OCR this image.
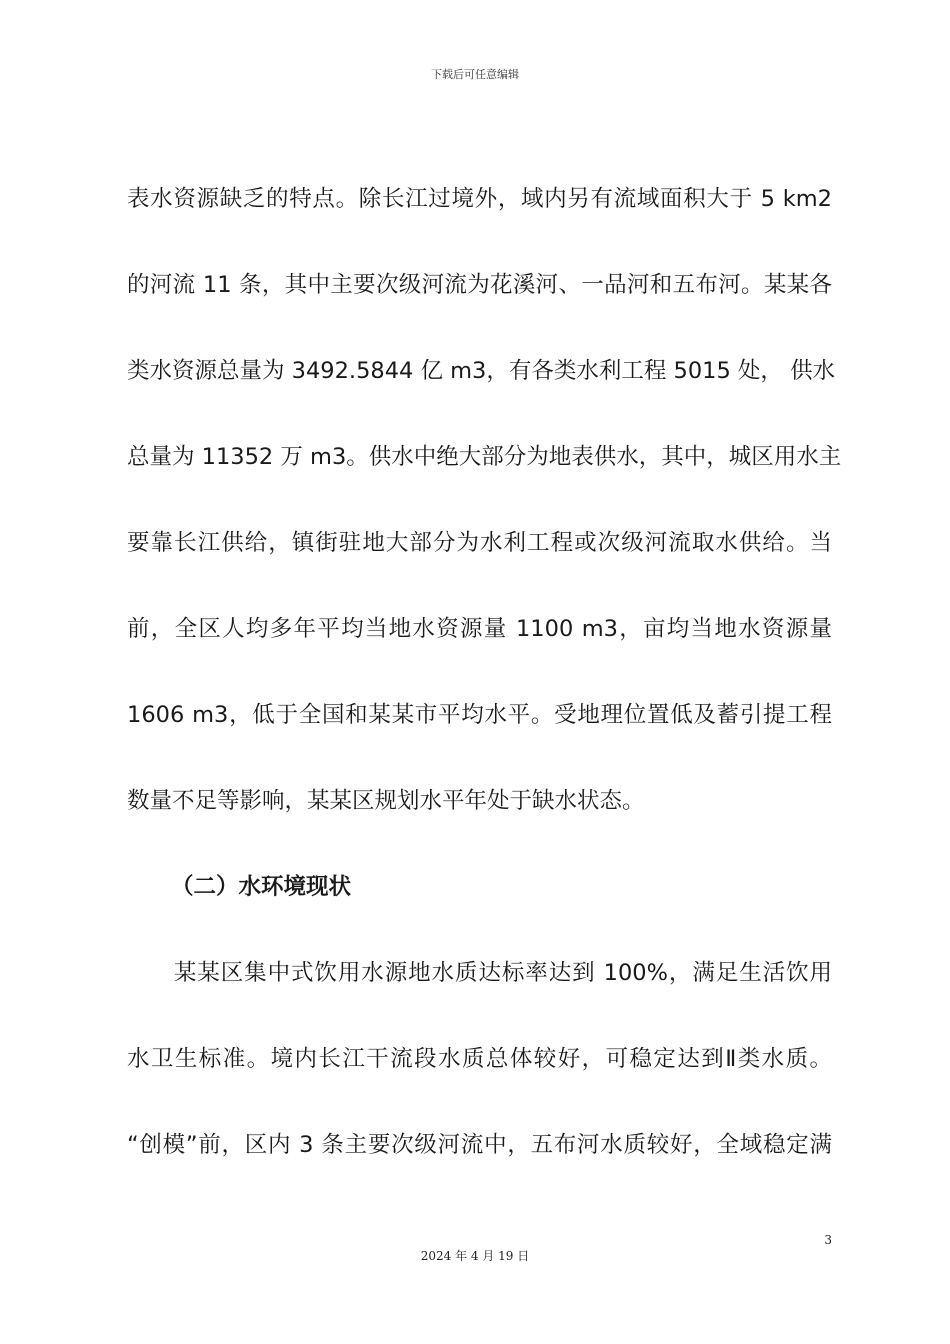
下载后可任意编辑
表水资源缺乏的特点。除长江过境外，域内另有流域面积大于 5 km2
的河流 11 条，其中主要次级河流为花溪河、一品河和五布河。某某各
类水资源总量为 3492.5844 亿 m3，有各类水利工程 5015 处， 供水
总量为 11352 万 m3。供水中绝大部分为地表供水，其中，城区用水主
要靠长江供给，镇街驻地大部分为水利工程或次级河流取水供给。当
前，全区人均多年平均当地水资源量 1100 m3，亩均当地水资源量
1606 m3，低于全国和某某市平均水平。受地理位置低及蓄引提工程
数量不足等影响，某某区规划水平年处于缺水状态。
（二）水环境现状
　　某某区集中式饮用水源地水质达标率达到 100%，满足生活饮用
水卫生标准。境内长江干流段水质总体较好，可稳定达到Ⅱ类水质。
“创模”前，区内 3 条主要次级河流中，五布河水质较好，全域稳定满
3
2024 年 4 月 19 日
